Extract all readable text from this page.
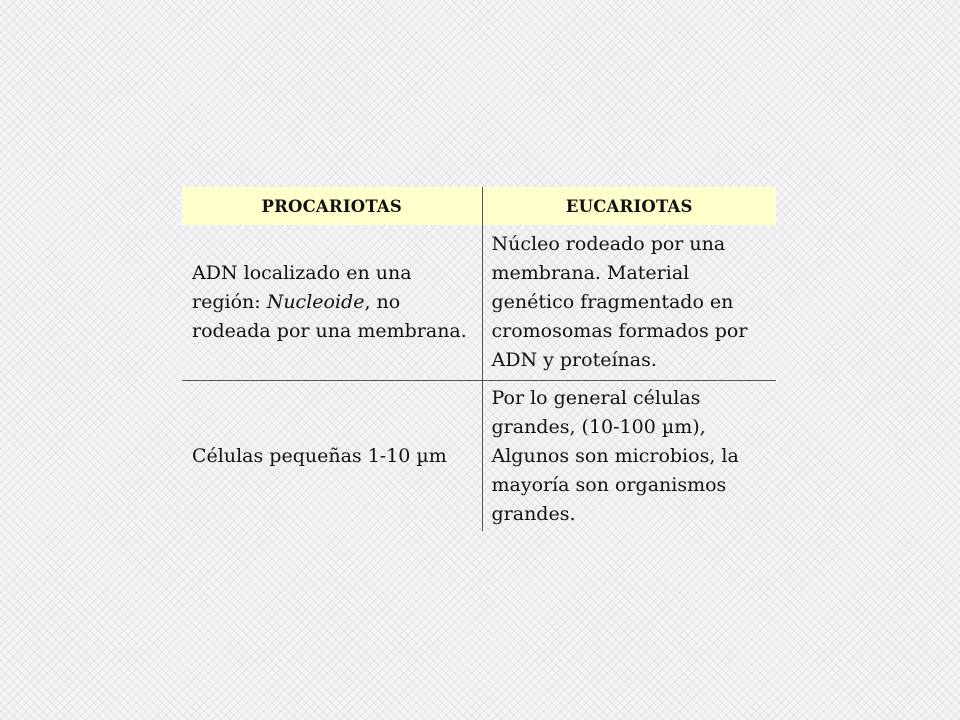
PROCARIOTAS	EUCARIOTAS
ADN localizado en una región: Nucleoide, no rodeada por una membrana.	Núcleo rodeado por una membrana. Material genético fragmentado en cromosomas formados por ADN y proteínas.
Células pequeñas 1-10 µm	Por lo general células grandes, (10-100 µm), Algunos son microbios, la mayoría son organismos grandes.
